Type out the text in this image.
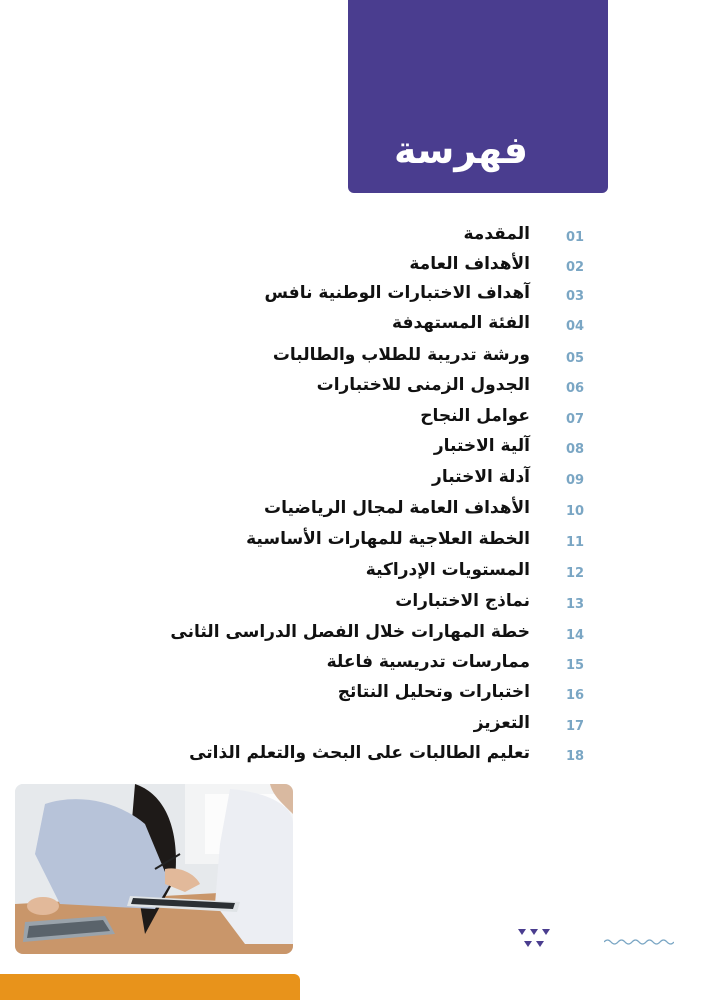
فهرسة
المقدمة	01
الأهداف العامة	02
آهداف الاختبارات الوطنية نافس	03
الفئة المستهدفة	04
ورشة تدريبة للطلاب والطالبات	05
الجدول الزمنى للاختبارات	06
عوامل النجاح	07
آلية الاختبار	08
آدلة الاختبار	09
الأهداف العامة لمجال الرياضيات	10
الخطة العلاجية للمهارات الأساسية	11
المستويات الإدراكية	12
نماذج الاختبارات	13
خطة المهارات خلال الفصل الدراسى الثانى	14
ممارسات تدريسية فاعلة	15
اختبارات وتحليل النتائج	16
التعزيز	17
تعليم الطالبات على البحث والتعلم الذاتى	18
